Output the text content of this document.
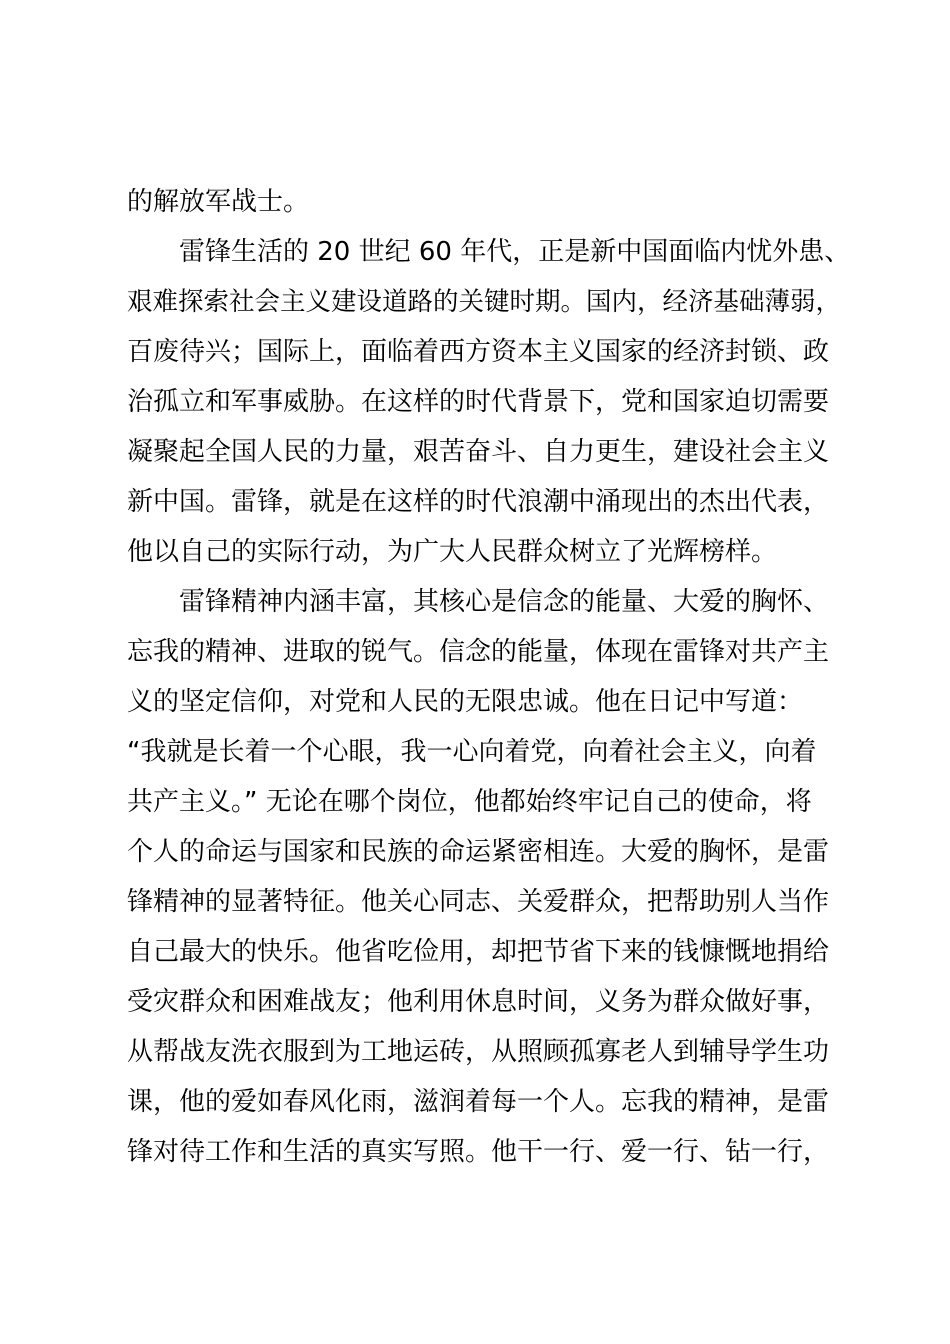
的解放军战士。
雷锋生活的 20 世纪 60 年代，正是新中国面临内忧外患、
艰难探索社会主义建设道路的关键时期。国内，经济基础薄弱，
百废待兴；国际上，面临着西方资本主义国家的经济封锁、政
治孤立和军事威胁。在这样的时代背景下，党和国家迫切需要
凝聚起全国人民的力量，艰苦奋斗、自力更生，建设社会主义
新中国。雷锋，就是在这样的时代浪潮中涌现出的杰出代表，
他以自己的实际行动，为广大人民群众树立了光辉榜样。
雷锋精神内涵丰富，其核心是信念的能量、大爱的胸怀、
忘我的精神、进取的锐气。信念的能量，体现在雷锋对共产主
义的坚定信仰，对党和人民的无限忠诚。他在日记中写道：
“我就是长着一个心眼，我一心向着党，向着社会主义，向着
共产主义。” 无论在哪个岗位，他都始终牢记自己的使命，将
个人的命运与国家和民族的命运紧密相连。大爱的胸怀，是雷
锋精神的显著特征。他关心同志、关爱群众，把帮助别人当作
自己最大的快乐。他省吃俭用，却把节省下来的钱慷慨地捐给
受灾群众和困难战友；他利用休息时间，义务为群众做好事，
从帮战友洗衣服到为工地运砖，从照顾孤寡老人到辅导学生功
课，他的爱如春风化雨，滋润着每一个人。忘我的精神，是雷
锋对待工作和生活的真实写照。他干一行、爱一行、钻一行，
